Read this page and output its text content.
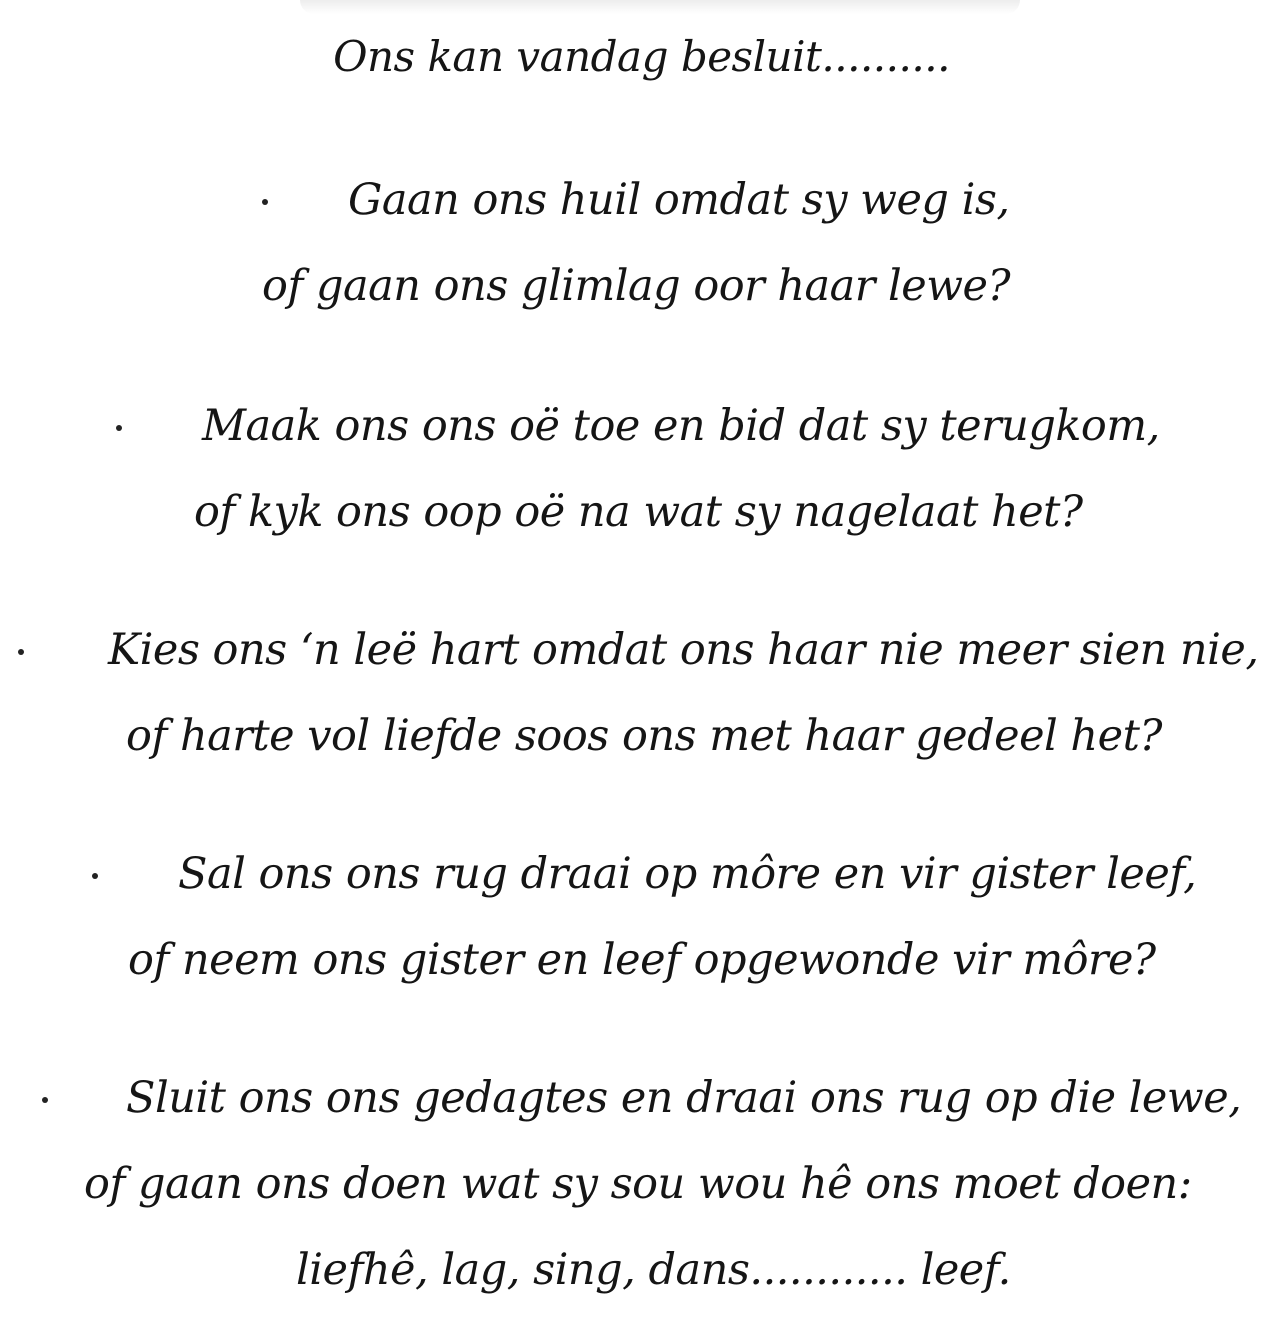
Ons kan vandag besluit..........
Gaan ons huil omdat sy weg is,
of gaan ons glimlag oor haar lewe?
Maak ons ons oë toe en bid dat sy terugkom,
of kyk ons oop oë na wat sy nagelaat het?
Kies ons ‘n leë hart omdat ons haar nie meer sien nie,
of harte vol liefde soos ons met haar gedeel het?
Sal ons ons rug draai op môre en vir gister leef,
of neem ons gister en leef opgewonde vir môre?
Sluit ons ons gedagtes en draai ons rug op die lewe,
of gaan ons doen wat sy sou wou hê ons moet doen:
liefhê, lag, sing, dans............ leef.
